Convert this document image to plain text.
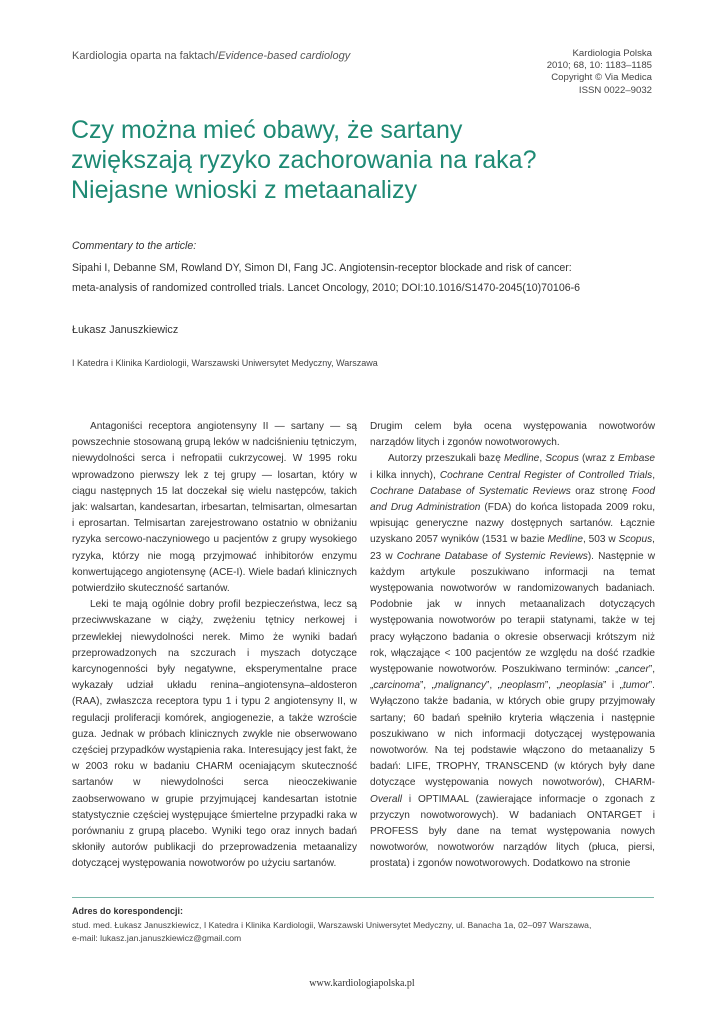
Kardiologia oparta na faktach/Evidence-based cardiology	Kardiologia Polska
2010; 68, 10: 1183–1185
Copyright © Via Medica
ISSN 0022–9032
Czy można mieć obawy, że sartany
zwiększają ryzyko zachorowania na raka?
Niejasne wnioski z metaanalizy
Commentary to the article:
Sipahi I, Debanne SM, Rowland DY, Simon DI, Fang JC. Angiotensin-receptor blockade and risk of cancer:
meta-analysis of randomized controlled trials. Lancet Oncology, 2010; DOI:10.1016/S1470-2045(10)70106-6
Łukasz Januszkiewicz
I Katedra i Klinika Kardiologii, Warszawski Uniwersytet Medyczny, Warszawa

Antagoniści receptora angiotensyny II — sartany — są powszechnie stosowaną grupą leków w nadciśnieniu tętniczym, niewydolności serca i nefropatii cukrzycowej. W 1995 roku wprowadzono pierwszy lek z tej grupy — losartan, który w ciągu następnych 15 lat doczekał się wielu następców, takich jak: walsartan, kandesartan, irbesartan, telmisartan, olmesartan i eprosartan. Telmisartan zarejestrowano ostatnio w obniżaniu ryzyka sercowo-naczyniowego u pacjentów z grupy wysokiego ryzyka, którzy nie mogą przyjmować inhibitorów enzymu konwertującego angiotensynę (ACE-I). Wiele badań klinicznych potwierdziło skuteczność sartanów.

Leki te mają ogólnie dobry profil bezpieczeństwa, lecz są przeciwwskazane w ciąży, zwężeniu tętnicy nerkowej i przewlekłej niewydolności nerek. Mimo że wyniki badań przeprowadzonych na szczurach i myszach dotyczące karcynogenności były negatywne, eksperymentalne prace wykazały udział układu renina–angiotensyna–aldosteron (RAA), zwłaszcza receptora typu 1 i typu 2 angiotensyny II, w regulacji proliferacji komórek, angiogenezie, a także wzroście guza. Jednak w próbach klinicznych zwykle nie obserwowano częściej przypadków wystąpienia raka. Interesujący jest fakt, że w 2003 roku w badaniu CHARM oceniającym skuteczność sartanów w niewydolności serca nieoczekiwanie zaobserwowano w grupie przyjmującej kandesartan istotnie statystycznie częściej występujące śmiertelne przypadki raka w porównaniu z grupą placebo. Wyniki tego oraz innych badań skłoniły autorów publikacji do przeprowadzenia metaanalizy dotyczącej występowania nowotworów po użyciu sartanów.

Drugim celem była ocena występowania nowotworów narządów litych i zgonów nowotworowych.

Autorzy przeszukali bazę Medline, Scopus (wraz z Embase i kilka innych), Cochrane Central Register of Controlled Trials, Cochrane Database of Systematic Reviews oraz stronę Food and Drug Administration (FDA) do końca listopada 2009 roku, wpisując generyczne nazwy dostępnych sartanów. Łącznie uzyskano 2057 wyników (1531 w bazie Medline, 503 w Scopus, 23 w Cochrane Database of Systemic Reviews). Następnie w każdym artykule poszukiwano informacji na temat występowania nowotworów w randomizowanych badaniach. Podobnie jak w innych metaanalizach dotyczących występowania nowotworów po terapii statynami, także w tej pracy wyłączono badania o okresie obserwacji krótszym niż rok, włączające < 100 pacjentów ze względu na dość rzadkie występowanie nowotworów. Poszukiwano terminów: „cancer”, „carcinoma”, „malignancy”, „neoplasm”, „neoplasia” i „tumor”. Wyłączono także badania, w których obie grupy przyjmowały sartany; 60 badań spełniło kryteria włączenia i następnie poszukiwano w nich informacji dotyczącej występowania nowotworów. Na tej podstawie włączono do metaanalizy 5 badań: LIFE, TROPHY, TRANSCEND (w których były dane dotyczące występowania nowych nowotworów), CHARM-Overall i OPTIMAAL (zawierające informacje o zgonach z przyczyn nowotworowych). W badaniach ONTARGET i PROFESS były dane na temat występowania nowych nowotworów, nowotworów narządów litych (płuca, piersi, prostata) i zgonów nowotworowych. Dodatkowo na stronie

Adres do korespondencji:
stud. med. Łukasz Januszkiewicz, I Katedra i Klinika Kardiologii, Warszawski Uniwersytet Medyczny, ul. Banacha 1a, 02–097 Warszawa,
e-mail: lukasz.jan.januszkiewicz@gmail.com
www.kardiologiapolska.pl
